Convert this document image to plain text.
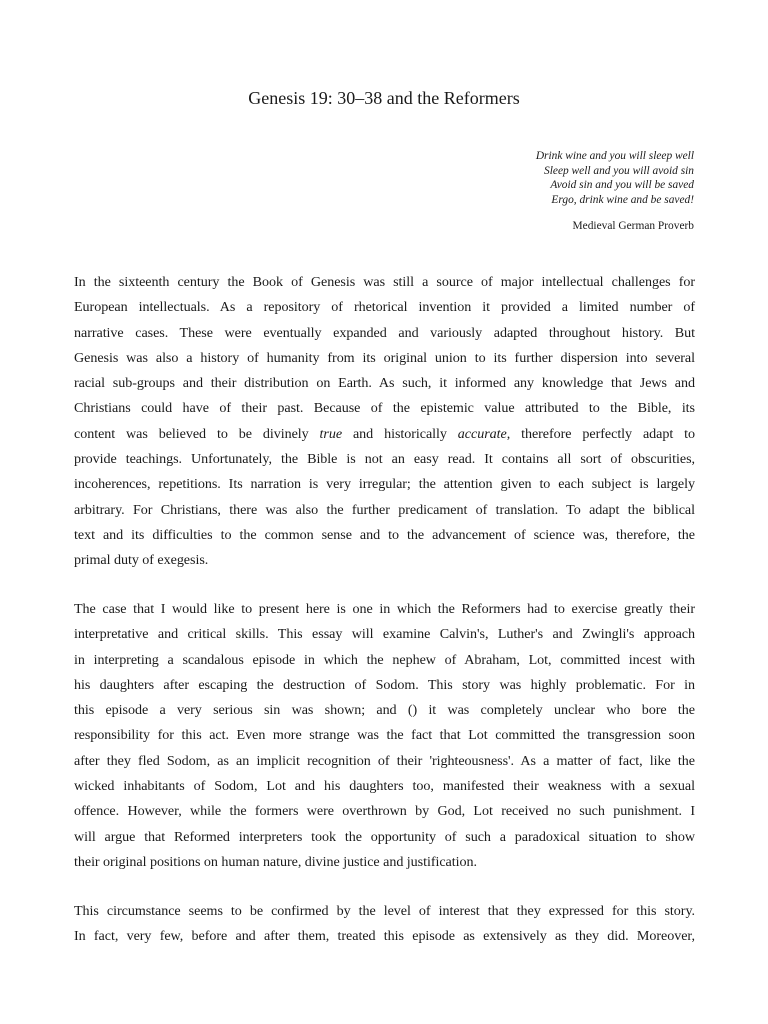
Genesis 19: 30–38 and the Reformers
Drink wine and you will sleep well
Sleep well and you will avoid sin
Avoid sin and you will be saved
Ergo, drink wine and be saved!
Medieval German Proverb
In the sixteenth century the Book of Genesis was still a source of major intellectual challenges for
European intellectuals. As a repository of rhetorical invention it provided a limited number of
narrative cases. These were eventually expanded and variously adapted throughout history. But
Genesis was also a history of humanity from its original union to its further dispersion into several
racial sub-groups and their distribution on Earth. As such, it informed any knowledge that Jews and
Christians could have of their past. Because of the epistemic value attributed to the Bible, its
content was believed to be divinely true and historically accurate, therefore perfectly adapt to
provide teachings. Unfortunately, the Bible is not an easy read. It contains all sort of obscurities,
incoherences, repetitions. Its narration is very irregular; the attention given to each subject is largely
arbitrary. For Christians, there was also the further predicament of translation. To adapt the biblical
text and its difficulties to the common sense and to the advancement of science was, therefore, the
primal duty of exegesis.
The case that I would like to present here is one in which the Reformers had to exercise greatly their
interpretative and critical skills. This essay will examine Calvin's, Luther's and Zwingli's approach
in interpreting a scandalous episode in which the nephew of Abraham, Lot, committed incest with
his daughters after escaping the destruction of Sodom. This story was highly problematic. For in
this episode a very serious sin was shown; and () it was completely unclear who bore the
responsibility for this act. Even more strange was the fact that Lot committed the transgression soon
after they fled Sodom, as an implicit recognition of their 'righteousness'. As a matter of fact, like the
wicked inhabitants of Sodom, Lot and his daughters too, manifested their weakness with a sexual
offence. However, while the formers were overthrown by God, Lot received no such punishment. I
will argue that Reformed interpreters took the opportunity of such a paradoxical situation to show
their original positions on human nature, divine justice and justification.
This circumstance seems to be confirmed by the level of interest that they expressed for this story.
In fact, very few, before and after them, treated this episode as extensively as they did. Moreover,
